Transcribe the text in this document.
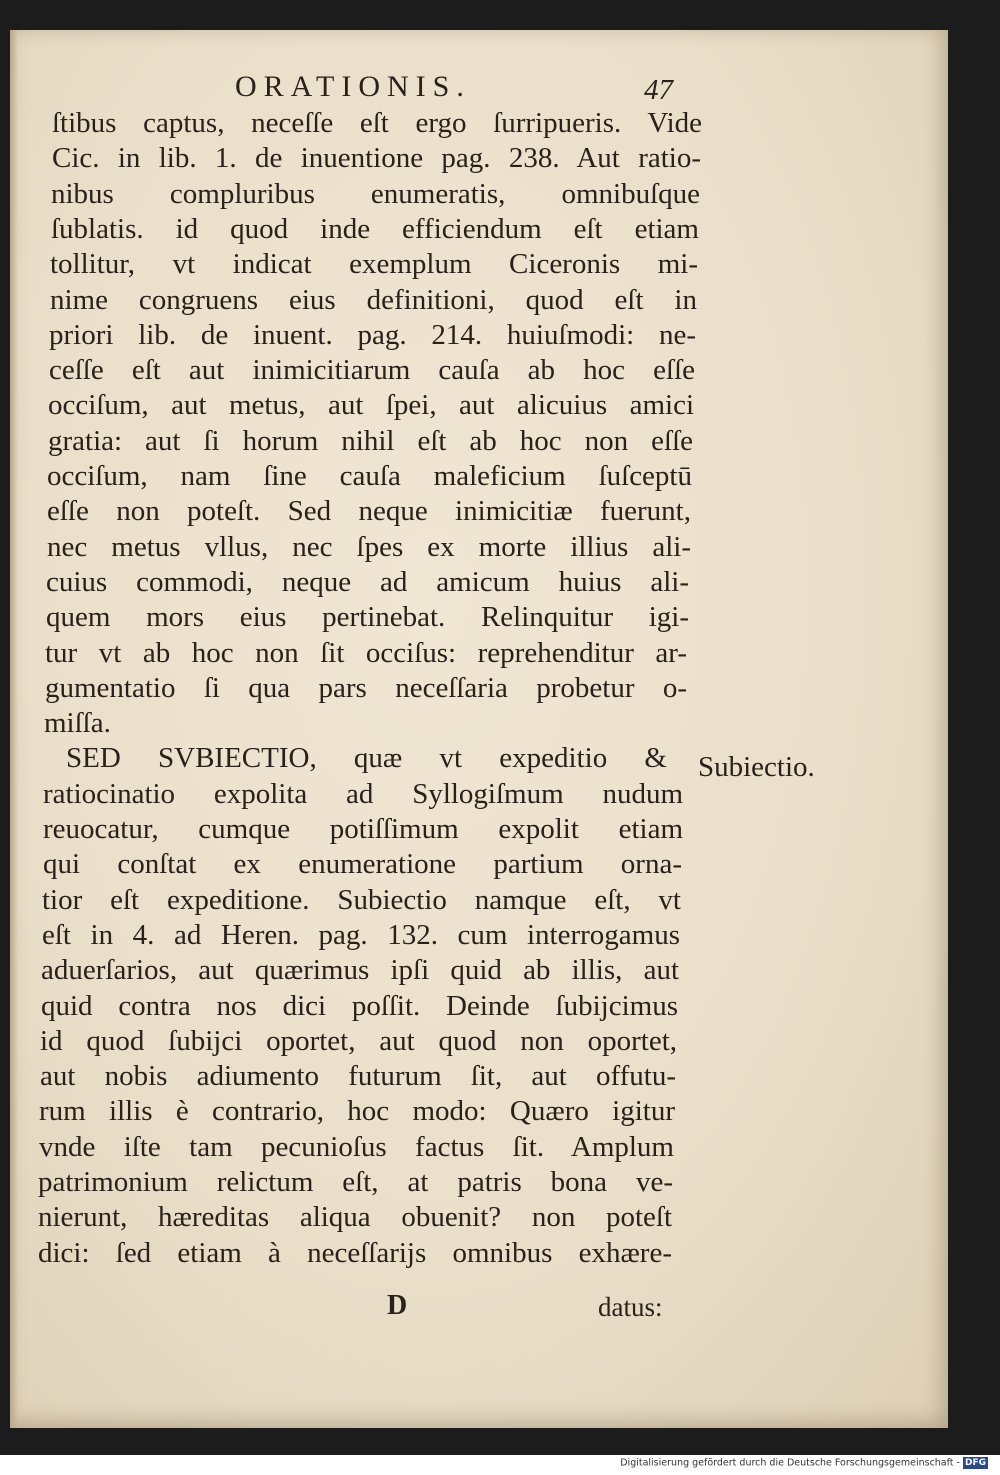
ORATIONIS.	47
ſtibus captus, neceſſe eſt ergo ſurripueris. Vide
Cic. in lib. 1. de inuentione pag. 238. Aut ratio-
nibus compluribus enumeratis, omnibuſque
ſublatis. id quod inde efficiendum eſt etiam
tollitur, vt indicat exemplum Ciceronis mi-
nime congruens eius definitioni, quod eſt in
priori lib. de inuent. pag. 214. huiuſmodi: ne-
ceſſe eſt aut inimicitiarum cauſa ab hoc eſſe
occiſum, aut metus, aut ſpei, aut alicuius amici
gratia: aut ſi horum nihil eſt ab hoc non eſſe
occiſum, nam ſine cauſa maleficium ſuſceptū
eſſe non poteſt. Sed neque inimicitiæ fuerunt,
nec metus vllus, nec ſpes ex morte illius ali-
cuius commodi, neque ad amicum huius ali-
quem mors eius pertinebat. Relinquitur igi-
tur vt ab hoc non ſit occiſus: reprehenditur ar-
gumentatio ſi qua pars neceſſaria probetur o-
miſſa.
SED SVBIECTIO, quæ vt expeditio &
ratiocinatio expolita ad Syllogiſmum nudum
reuocatur, cumque potiſſimum expolit etiam
qui conſtat ex enumeratione partium orna-
tior eſt expeditione. Subiectio namque eſt, vt
eſt in 4. ad Heren. pag. 132. cum interrogamus
aduerſarios, aut quærimus ipſi quid ab illis, aut
quid contra nos dici poſſit. Deinde ſubijcimus
id quod ſubijci oportet, aut quod non oportet,
aut nobis adiumento futurum ſit, aut offutu-
rum illis è contrario, hoc modo: Quæro igitur
vnde iſte tam pecunioſus factus ſit. Amplum
patrimonium relictum eſt, at patris bona ve-
nierunt, hæreditas aliqua obuenit? non poteſt
dici: ſed etiam à neceſſarijs omnibus exhære-
Subiectio.
D	datus:
Digitalisierung gefördert durch die Deutsche Forschungsgemeinschaft - DFG
